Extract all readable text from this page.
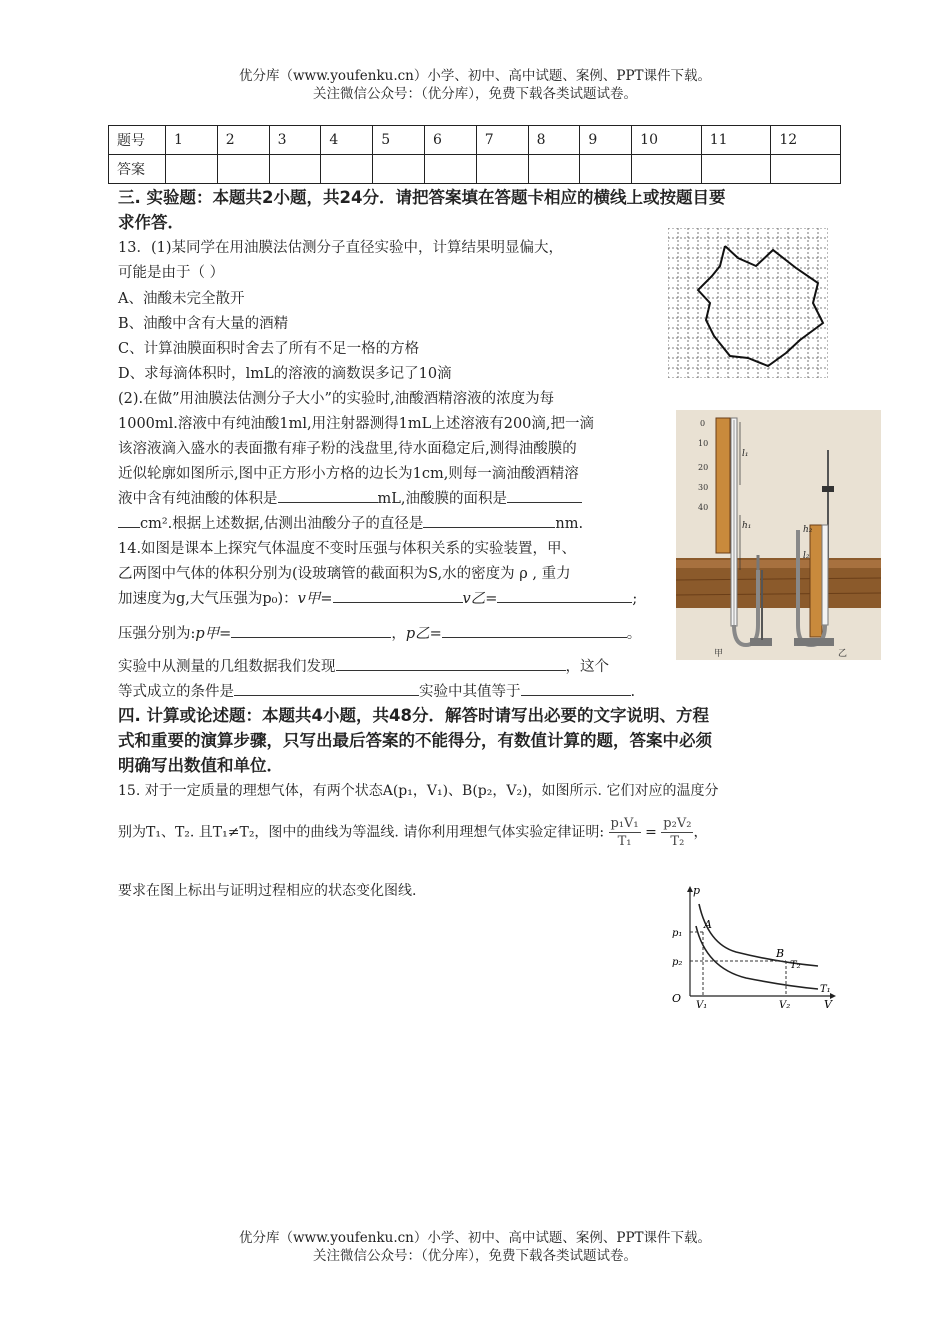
优分库（www.youfenku.cn）小学、初中、高中试题、案例、PPT课件下载。
关注微信公众号：（优分库），免费下载各类试题试卷。
题号	1	2	3	4	5	6	7	8	9	10	11	12
答案												
三. 实验题：本题共2小题，共24分．请把答案填在答题卡相应的横线上或按题目要
求作答．
13．(1)某同学在用油膜法估测分子直径实验中，计算结果明显偏大，
可能是由于（ ）
A、油酸未完全散开
B、油酸中含有大量的酒精
C、计算油膜面积时舍去了所有不足一格的方格
D、求每滴体积时，lmL的溶液的滴数误多记了10滴
(2).在做”用油膜法估测分子大小”的实验时,油酸酒精溶液的浓度为每
1000ml.溶液中有纯油酸1ml,用注射器测得1mL上述溶液有200滴,把一滴
该溶液滴入盛水的表面撒有痱子粉的浅盘里,待水面稳定后,测得油酸膜的
近似轮廓如图所示,图中正方形小方格的边长为1cm,则每一滴油酸酒精溶
液中含有纯油酸的体积是	mL,油酸膜的面积是
cm².根据上述数据,估测出油酸分子的直径是	nm.
0
10
20
30
40
l₁
h₁
甲
h₂
l₂
乙
14.如图是课本上探究气体温度不变时压强与体积关系的实验装置，甲、
乙两图中气体的体积分别为(设玻璃管的截面积为S,水的密度为 ρ , 重力
加速度为g,大气压强为p₀)：v甲=	v乙=	;
压强分别为:p甲=	，p乙=	。
实验中从测量的几组数据我们发现	，这个
等式成立的条件是	实验中其值等于	.
四. 计算或论述题：本题共4小题，共48分．解答时请写出必要的文字说明、方程
式和重要的演算步骤，只写出最后答案的不能得分，有数值计算的题，答案中必须
明确写出数值和单位．
15. 对于一定质量的理想气体，有两个状态A(p₁，V₁)、B(p₂，V₂)，如图所示. 它们对应的温度分
别为T₁、T₂. 且T₁≠T₂，图中的曲线为等温线. 请你利用理想气体实验定律证明: $\frac{\text{p₁V₁}}{\text{T₁}} = \frac{\text{p₂V₂}}{\text{T₂}}$ ，
要求在图上标出与证明过程相应的状态变化图线.	p
V
O
p₁
p₂
V₁	V₂
A
B
T₂
T₁
优分库（www.youfenku.cn）小学、初中、高中试题、案例、PPT课件下载。
关注微信公众号：（优分库），免费下载各类试题试卷。
